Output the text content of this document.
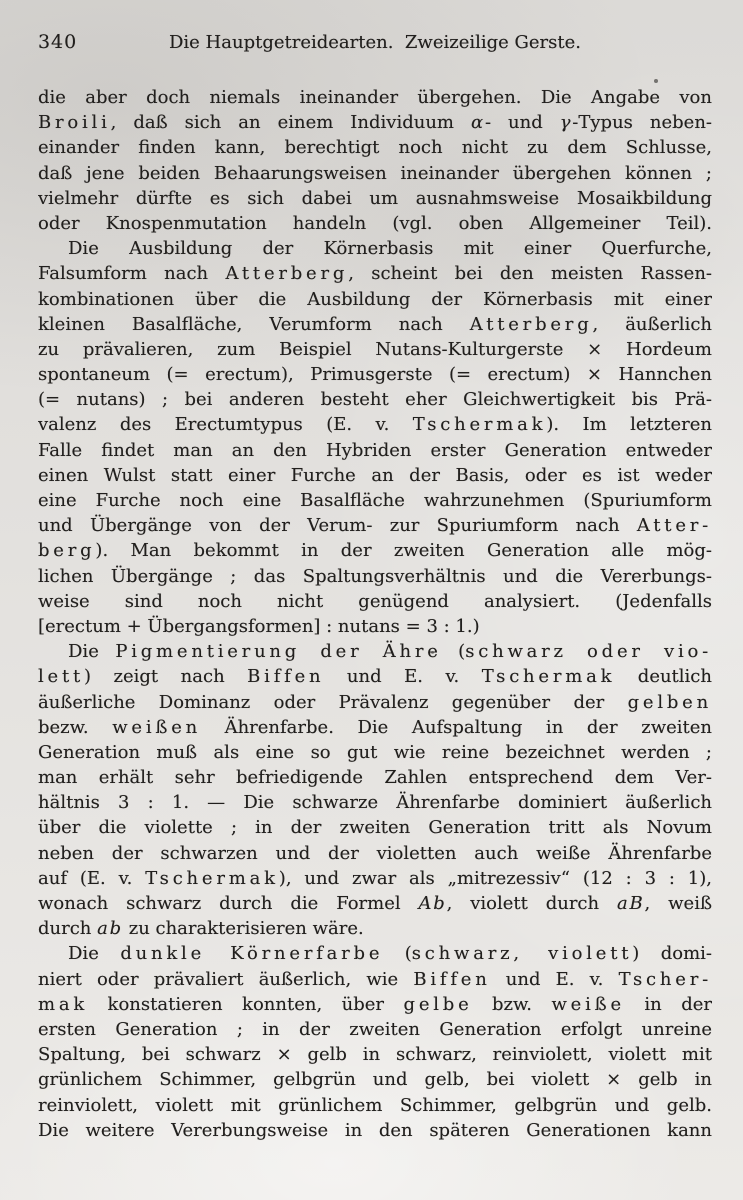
340	Die Hauptgetreidearten.  Zweizeilige Gerste.
die aber doch niemals ineinander übergehen. Die Angabe von
Broili, daß sich an einem Individuum α- und γ-Typus neben-
einander finden kann, berechtigt noch nicht zu dem Schlusse,
daß jene beiden Behaarungsweisen ineinander übergehen können ;
vielmehr dürfte es sich dabei um ausnahmsweise Mosaikbildung
oder Knospenmutation handeln (vgl. oben Allgemeiner Teil).
Die Ausbildung der Körnerbasis mit einer Querfurche,
Falsumform nach Atterberg, scheint bei den meisten Rassen-
kombinationen über die Ausbildung der Körnerbasis mit einer
kleinen Basalfläche, Verumform nach Atterberg, äußerlich
zu prävalieren, zum Beispiel Nutans-Kulturgerste × Hordeum
spontaneum (= erectum), Primusgerste (= erectum) × Hannchen
(= nutans) ; bei anderen besteht eher Gleichwertigkeit bis Prä-
valenz des Erectumtypus (E. v. Tschermak). Im letzteren
Falle findet man an den Hybriden erster Generation entweder
einen Wulst statt einer Furche an der Basis, oder es ist weder
eine Furche noch eine Basalfläche wahrzunehmen (Spuriumform
und Übergänge von der Verum- zur Spuriumform nach Atter-
berg). Man bekommt in der zweiten Generation alle mög-
lichen Übergänge ; das Spaltungsverhältnis und die Vererbungs-
weise sind noch nicht genügend analysiert. (Jedenfalls
[erectum + Übergangsformen] : nutans = 3 : 1.)
Die Pigmentierung der Ähre (schwarz oder vio-
lett) zeigt nach Biffen und E. v. Tschermak deutlich
äußerliche Dominanz oder Prävalenz gegenüber der gelben
bezw. weißen Ährenfarbe. Die Aufspaltung in der zweiten
Generation muß als eine so gut wie reine bezeichnet werden ;
man erhält sehr befriedigende Zahlen entsprechend dem Ver-
hältnis 3 : 1. — Die schwarze Ährenfarbe dominiert äußerlich
über die violette ; in der zweiten Generation tritt als Novum
neben der schwarzen und der violetten auch weiße Ährenfarbe
auf (E. v. Tschermak), und zwar als „mitrezessiv“ (12 : 3 : 1),
wonach schwarz durch die Formel Ab, violett durch aB, weiß
durch ab zu charakterisieren wäre.
Die dunkle Körnerfarbe (schwarz, violett) domi-
niert oder prävaliert äußerlich, wie Biffen und E. v. Tscher-
mak konstatieren konnten, über gelbe bzw. weiße in der
ersten Generation ; in der zweiten Generation erfolgt unreine
Spaltung, bei schwarz × gelb in schwarz, reinviolett, violett mit
grünlichem Schimmer, gelbgrün und gelb, bei violett × gelb in
reinviolett, violett mit grünlichem Schimmer, gelbgrün und gelb.
Die weitere Vererbungsweise in den späteren Generationen kann
